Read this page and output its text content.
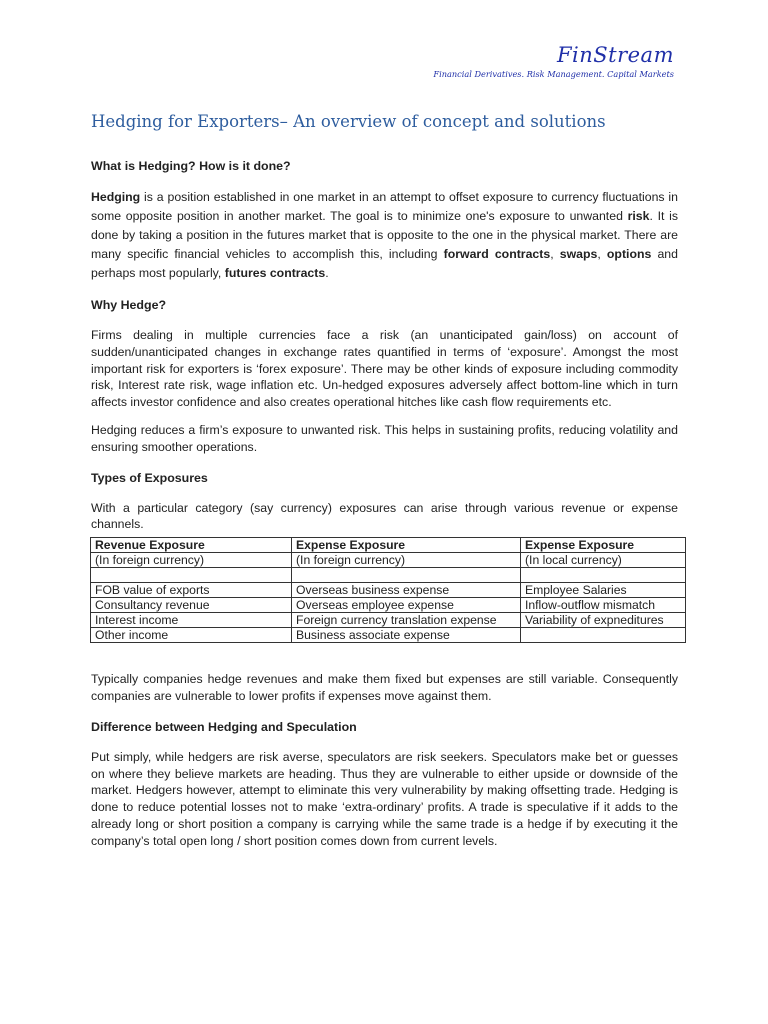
FinStream
Financial Derivatives. Risk Management. Capital Markets
Hedging for Exporters– An overview of concept and solutions
What is Hedging? How is it done?

Hedging is a position established in one market in an attempt to offset exposure to currency fluctuations in some opposite position in another market. The goal is to minimize one's exposure to unwanted risk. It is done by taking a position in the futures market that is opposite to the one in the physical market. There are many specific financial vehicles to accomplish this, including forward contracts, swaps, options and perhaps most popularly, futures contracts.

Why Hedge?

Firms dealing in multiple currencies face a risk (an unanticipated gain/loss) on account of sudden/unanticipated changes in exchange rates quantified in terms of ‘exposure’. Amongst the most important risk for exporters is ‘forex exposure’. There may be other kinds of exposure including commodity risk, Interest rate risk, wage inflation etc. Un-hedged exposures adversely affect bottom-line which in turn affects investor confidence and also creates operational hitches like cash flow requirements etc.

Hedging reduces a firm’s exposure to unwanted risk. This helps in sustaining profits, reducing volatility and ensuring smoother operations.

Types of Exposures

With a particular category (say currency) exposures can arise through various revenue or expense channels.

Revenue Exposure	Expense Exposure	Expense Exposure
(In foreign currency)	(In foreign currency)	(In local currency)

FOB value of exports	Overseas business expense	Employee Salaries
Consultancy revenue	Overseas employee expense	Inflow-outflow mismatch
Interest income	Foreign currency translation expense	Variability of expneditures
Other income	Business associate expense	

Typically companies hedge revenues and make them fixed but expenses are still variable. Consequently companies are vulnerable to lower profits if expenses move against them.

Difference between Hedging and Speculation

Put simply, while hedgers are risk averse, speculators are risk seekers. Speculators make bet or guesses on where they believe markets are heading. Thus they are vulnerable to either upside or downside of the market. Hedgers however, attempt to eliminate this very vulnerability by making offsetting trade. Hedging is done to reduce potential losses not to make ‘extra-ordinary’ profits. A trade is speculative if it adds to the already long or short position a company is carrying while the same trade is a hedge if by executing it the company’s total open long / short position comes down from current levels.
